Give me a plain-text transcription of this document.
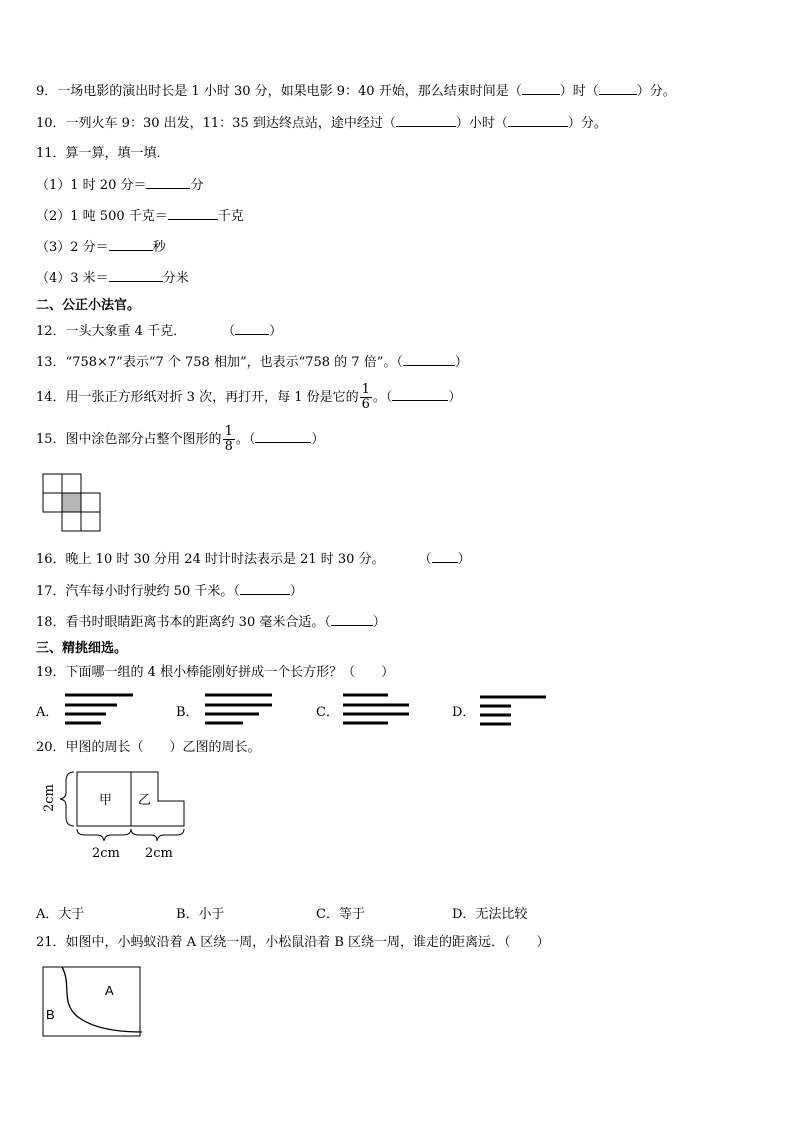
9．一场电影的演出时长是 1 小时 30 分，如果电影 9：40 开始，那么结束时间是（	）时（	）分。
10．一列火车 9：30 出发，11：35 到达终点站，途中经过（	）小时（	）分。
11．算一算，填一填．
（1）1 时 20 分＝	分
（2）1 吨 500 千克＝	千克
（3）2 分＝	秒
（4）3 米＝	分米
二、公正小法官。
12．一头大象重 4 千克．	（	）
13．“758×7”表示“7 个 758 相加”，也表示“758 的 7 倍”。（	）
14．用一张正方形纸对折 3 次，再打开，每 1 份是它的 $\frac{1}{6}$ 。（	）
15．图中涂色部分占整个图形的 $\frac{1}{8}$ 。（	）
16．晚上 10 时 30 分用 24 时计时法表示是 21 时 30 分。	（ ）
17．汽车每小时行驶约 50 千米。（	）
18．看书时眼睛距离书本的距离约 30 毫米合适。（	）
三、精挑细选。
19．下面哪一组的 4 根小棒能刚好拼成一个长方形？（　　）
A．	B．	C．	D．
20．甲图的周长（　　）乙图的周长。
甲 乙
2cm
2cm 2cm
A．大于	B．小于	C．等于	D．无法比较
21．如图中，小蚂蚁沿着 A 区绕一周，小松鼠沿着 B 区绕一周，谁走的距离远．（　　）
A
B
